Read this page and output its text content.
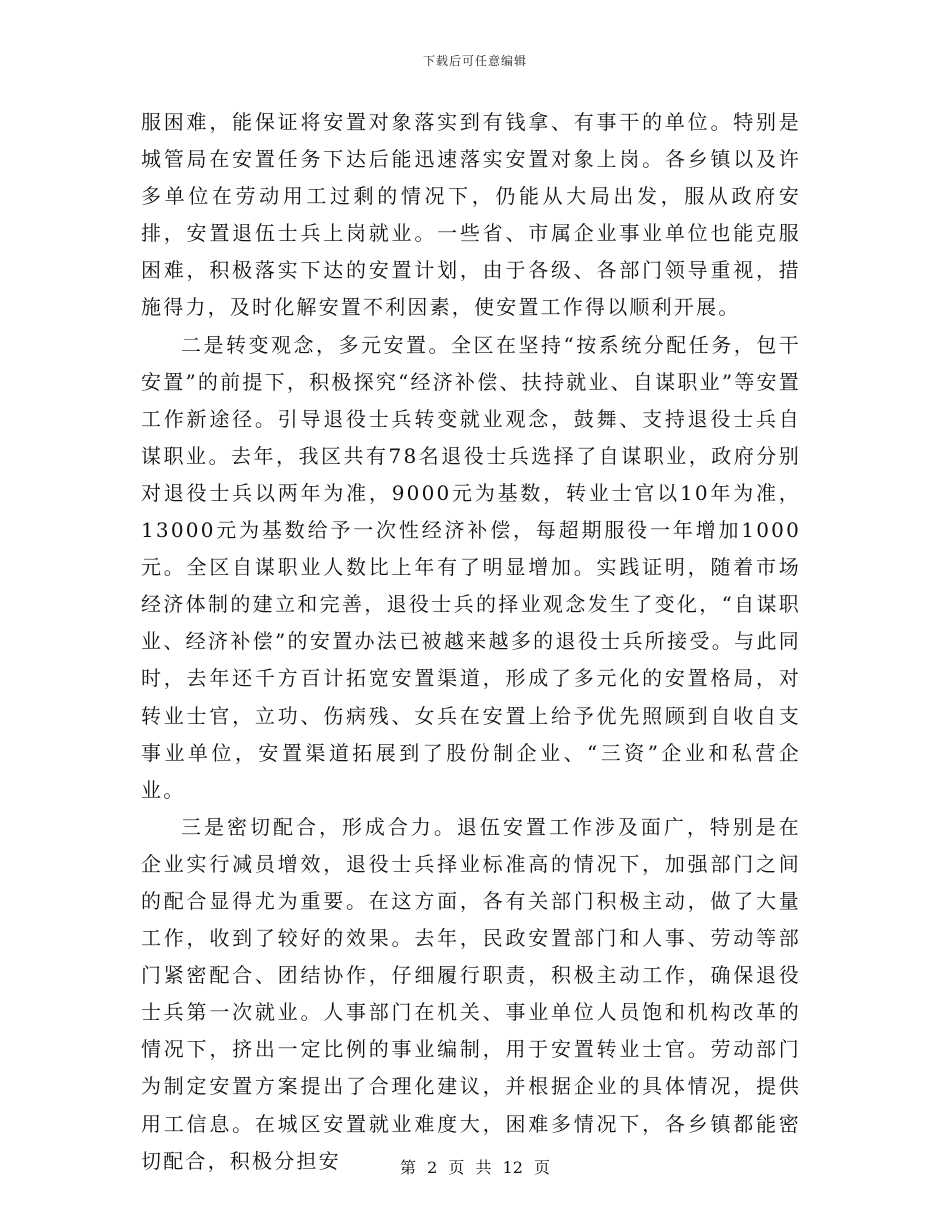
下载后可任意编辑

服困难，能保证将安置对象落实到有钱拿、有事干的单位。特别是城管局在安置任务下达后能迅速落实安置对象上岗。各乡镇以及许多单位在劳动用工过剩的情况下，仍能从大局出发，服从政府安排，安置退伍士兵上岗就业。一些省、市属企业事业单位也能克服困难，积极落实下达的安置计划，由于各级、各部门领导重视，措施得力，及时化解安置不利因素，使安置工作得以顺利开展。

二是转变观念，多元安置。全区在坚持“按系统分配任务，包干安置”的前提下，积极探究“经济补偿、扶持就业、自谋职业”等安置工作新途径。引导退役士兵转变就业观念，鼓舞、支持退役士兵自谋职业。去年，我区共有78名退役士兵选择了自谋职业，政府分别对退役士兵以两年为准，9000元为基数，转业士官以10年为准，13000元为基数给予一次性经济补偿，每超期服役一年增加1000元。全区自谋职业人数比上年有了明显增加。实践证明，随着市场经济体制的建立和完善，退役士兵的择业观念发生了变化，“自谋职业、经济补偿”的安置办法已被越来越多的退役士兵所接受。与此同时，去年还千方百计拓宽安置渠道，形成了多元化的安置格局，对转业士官，立功、伤病残、女兵在安置上给予优先照顾到自收自支事业单位，安置渠道拓展到了股份制企业、“三资”企业和私营企业。

三是密切配合，形成合力。退伍安置工作涉及面广，特别是在企业实行减员增效，退役士兵择业标准高的情况下，加强部门之间的配合显得尤为重要。在这方面，各有关部门积极主动，做了大量工作，收到了较好的效果。去年，民政安置部门和人事、劳动等部门紧密配合、团结协作，仔细履行职责，积极主动工作，确保退役士兵第一次就业。人事部门在机关、事业单位人员饱和机构改革的情况下，挤出一定比例的事业编制，用于安置转业士官。劳动部门为制定安置方案提出了合理化建议，并根据企业的具体情况，提供用工信息。在城区安置就业难度大，困难多情况下，各乡镇都能密切配合，积极分担安	第 2 页 共 12 页
